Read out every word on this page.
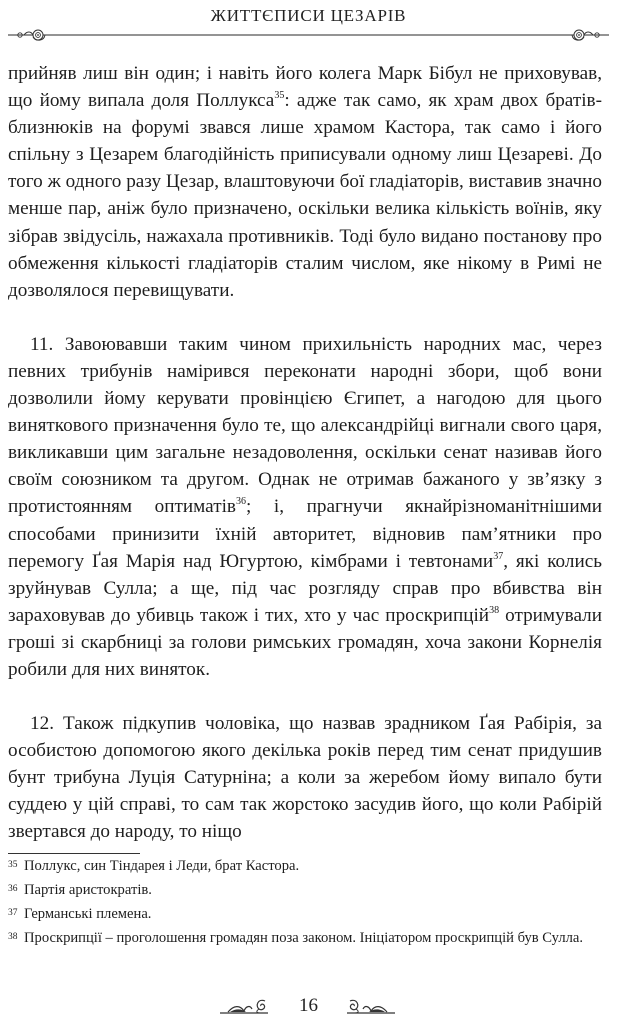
ЖИТТЄПИСИ ЦЕЗАРІВ

прийняв лиш він один; і навіть його колега Марк Бібул не приховував, що йому випала доля Поллукса$^{35}$: адже так само, як храм двох братів-близнюків на форумі звався лише храмом Кастора, так само і його спільну з Цезарем благодійність приписували одному лиш Цезареві. До того ж одного разу Цезар, влаштовуючи бої гладіаторів, виставив значно менше пар, аніж було призначено, оскільки велика кількість воїнів, яку зібрав звідусіль, нажахала противників. Тоді було видано постанову про обмеження кількості гладіаторів сталим числом, яке нікому в Римі не дозволялося перевищувати.

11. Завоювавши таким чином прихильність народних мас, через певних трибунів намірився переконати народні збори, щоб вони дозволили йому керувати провінцією Єгипет, а нагодою для цього виняткового призначення було те, що александрійці вигнали свого царя, викликавши цим загальне незадоволення, оскільки сенат називав його своїм союзником та другом. Однак не отримав бажаного у зв’язку з протистоянням оптиматів$^{36}$; і, прагнучи якнайрізноманітнішими способами принизити їхній авторитет, відновив пам’ятники про перемогу Ґая Марія над Югуртою, кімбрами і тевтонами$^{37}$, які колись зруйнував Сулла; а ще, під час розгляду справ про вбивства він зараховував до убивць також і тих, хто у час проскрипцій$^{38}$ отримували гроші зі скарбниці за голови римських громадян, хоча закони Корнелія робили для них виняток.

12. Також підкупив чоловіка, що назвав зрадником Ґая Рабірія, за особистою допомогою якого декілька років перед тим сенат придушив бунт трибуна Луція Сатурніна; а коли за жеребом йому випало бути суддею у цій справі, то сам так жорстоко засудив його, що коли Рабірій звертався до народу, то ніщо

35 Поллукс, син Тіндарея і Леди, брат Кастора.
36 Партія аристократів.
37 Германські племена.
38 Проскрипції – проголошення громадян поза законом. Ініціатором проскрипцій був Сулла.
16
